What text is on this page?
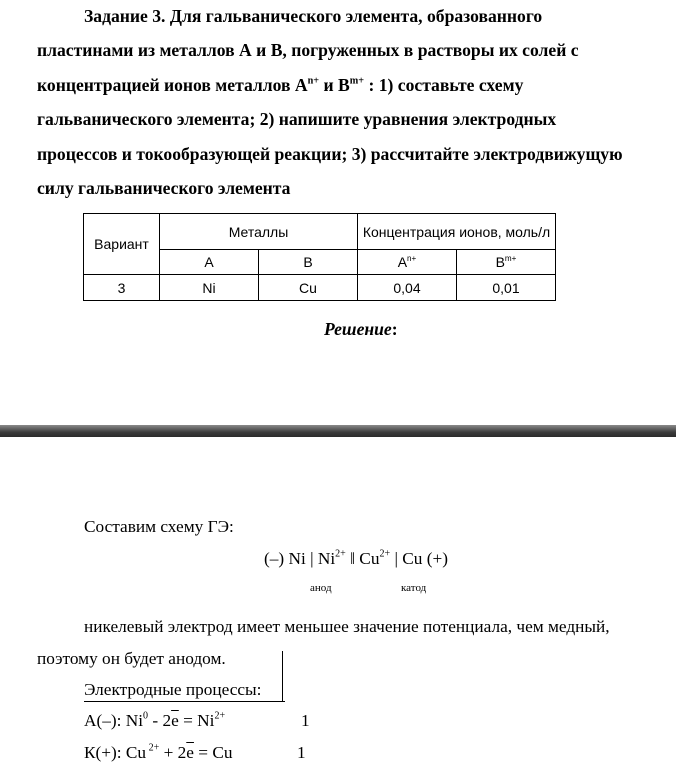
Задание 3. Для гальванического элемента, образованного
пластинами из металлов А и В, погруженных в растворы их солей с
концентрацией ионов металлов $А^{n+}$ и $В^{m+}$ : 1) составьте схему
гальванического элемента; 2) напишите уравнения электродных
процессов и токообразующей реакции; 3) рассчитайте электродвижущую
силу гальванического элемента
Вариант	Металлы		Концентрация ионов, моль/л	
	А	В	$А^{n+}$	$В^{m+}$
3	Ni	Cu	0,04	0,01
Решение:
Составим схему ГЭ:
(–) Ni | $Ni^{2+}$ ‖ $Cu^{2+}$ | Cu (+)
анод	катод
никелевый электрод имеет меньшее значение потенциала, чем медный,
поэтому он будет анодом.
Электродные процессы:
А(–): $Ni^0 - 2\overline{e} = Ni^{2+}$	1
К(+): Cu $^{2+} + 2\overline{e} = Cu$	1
